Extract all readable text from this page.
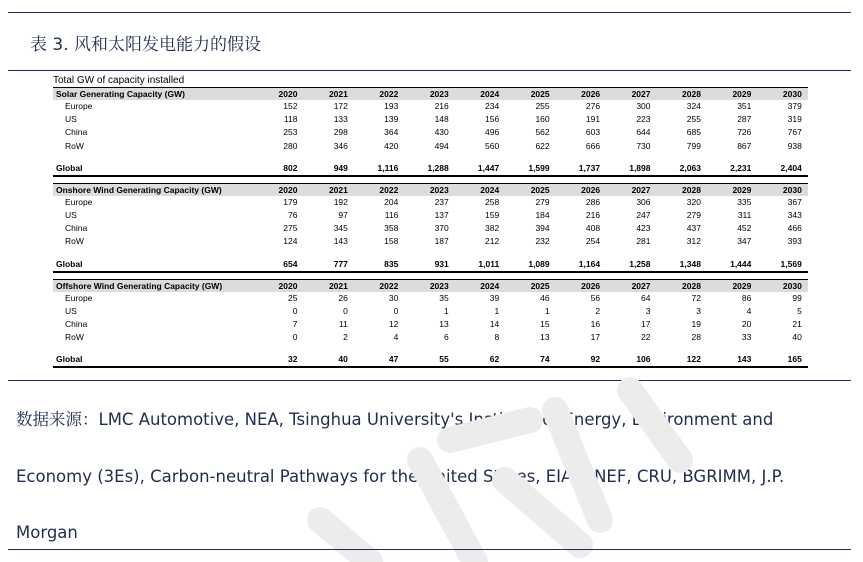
表 3. 风和太阳发电能力的假设
Total GW of capacity installed
Solar Generating Capacity (GW)	2020	2021	2022	2023	2024	2025	2026	2027	2028	2029	2030
Europe	152	172	193	216	234	255	276	300	324	351	379
US	118	133	139	148	156	160	191	223	255	287	319
China	253	298	364	430	496	562	603	644	685	726	767
RoW	280	346	420	494	560	622	666	730	799	867	938

Global	802	949	1,116	1,288	1,447	1,599	1,737	1,898	2,063	2,231	2,404

Onshore Wind Generating Capacity (GW)	2020	2021	2022	2023	2024	2025	2026	2027	2028	2029	2030
Europe	179	192	204	237	258	279	286	306	320	335	367
US	76	97	116	137	159	184	216	247	279	311	343
China	275	345	358	370	382	394	408	423	437	452	466
RoW	124	143	158	187	212	232	254	281	312	347	393

Global	654	777	835	931	1,011	1,089	1,164	1,258	1,348	1,444	1,569

Offshore Wind Generating Capacity (GW)	2020	2021	2022	2023	2024	2025	2026	2027	2028	2029	2030
Europe	25	26	30	35	39	46	56	64	72	86	99
US	0	0	0	1	1	1	2	3	3	4	5
China	7	11	12	13	14	15	16	17	19	20	21
RoW	0	2	4	6	8	13	17	22	28	33	40

Global	32	40	47	55	62	74	92	106	122	143	165
数据来源：LMC Automotive, NEA, Tsinghua University's Institute of Energy, Environment and Economy (3Es), Carbon-neutral Pathways for the United States, EIA, BNEF, CRU, BGRIMM, J.P. Morgan
